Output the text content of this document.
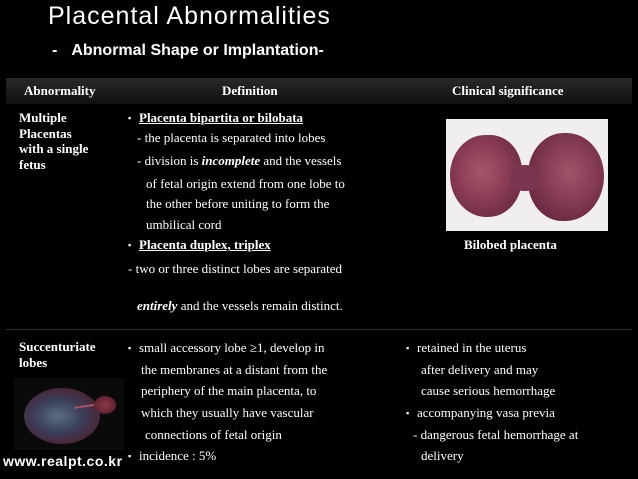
Placental Abnormalities
- Abnormal Shape or Implantation-
Abnormality	Definition	Clinical significance
Multiple
Placentas
with a single
fetus
▪ Placenta bipartita or bilobata
- the placenta is separated into lobes
- division is incomplete and the vessels
of fetal origin extend from one lobe to
the other before uniting to form the
umbilical cord
▪ Placenta duplex, triplex
- two or three distinct lobes are separated
entirely and the vessels remain distinct.
Bilobed placenta
Succenturiate
lobes
▪ small accessory lobe ≥1, develop in
the membranes at a distant from the
periphery of the main placenta, to
which they usually have vascular
connections of fetal origin
▪ incidence : 5%
▪ retained in the uterus
after delivery and may
cause serious hemorrhage
▪ accompanying vasa previa
- dangerous fetal hemorrhage at
delivery
www.realpt.co.kr
